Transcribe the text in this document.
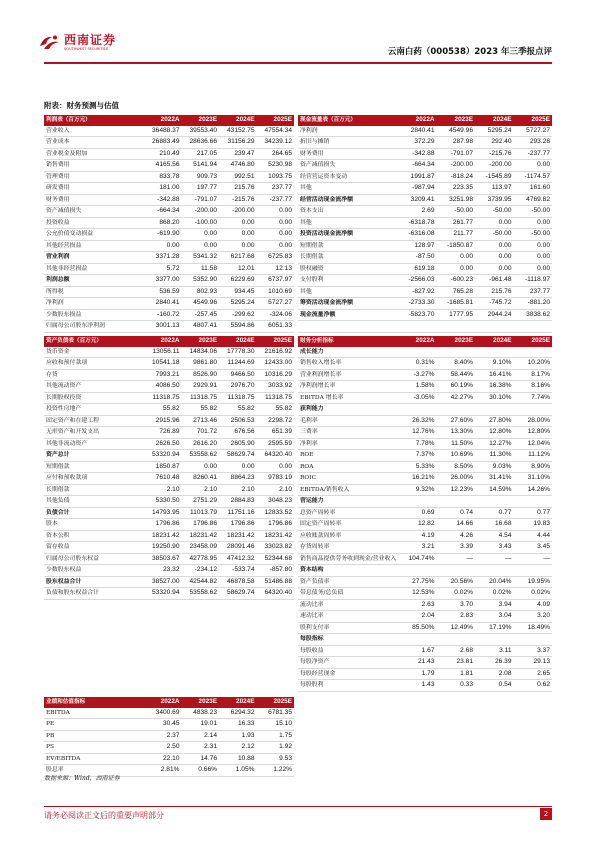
西南证券
SOUTHWEST SECURITIES	云南白药（000538）2023 年三季报点评
附表：财务预测与估值
利润表（百万元）	2022A	2023E	2024E	2025E
营业收入	36488.37	39553.40	43152.75	47554.34
营业成本	26883.49	28636.66	31156.29	34239.12
营业税金及附加	210.49	217.05	239.47	264.65
销售费用	4165.56	5141.94	4746.80	5230.98
管理费用	833.78	909.73	992.51	1093.75
研发费用	181.00	197.77	215.76	237.77
财务费用	-342.88	-791.07	-215.76	-237.77
资产减值损失	-664.34	-200.00	-200.00	0.00
投资收益	868.20	-100.00	0.00	0.00
公允价值变动损益	-619.90	0.00	0.00	0.00
其他经营损益	0.00	0.00	0.00	0.00
营业利润	3371.28	5341.32	6217.68	6725.83
其他非经营损益	5.72	11.58	12.01	12.13
利润总额	3377.00	5352.90	6229.69	6737.97
所得税	536.59	802.93	934.45	1010.69
净利润	2840.41	4549.96	5295.24	5727.27
少数股东损益	-160.72	-257.45	-299.62	-324.06
归属母公司股东净利润	3001.13	4807.41	5594.86	6051.33
现金流量表（百万元）	2022A	2023E	2024E	2025E
净利润	2840.41	4549.96	5295.24	5727.27
折旧与摊销	372.29	287.98	292.40	293.28
财务费用	-342.88	-791.07	-215.76	-237.77
资产减值损失	-664.34	-200.00	-200.00	0.00
经营营运资本变动	1991.87	-818.24	-1545.89	-1174.57
其他	-987.94	223.35	113.97	161.60
经营活动现金流净额	3209.41	3251.98	3739.95	4769.82
资本支出	2.69	-50.00	-50.00	-50.00
其他	-6318.78	261.77	0.00	0.00
投资活动现金流净额	-6316.08	211.77	-50.00	-50.00
短期借款	128.97	-1850.87	0.00	0.00
长期借款	-87.50	0.00	0.00	0.00
股权融资	619.18	0.00	0.00	0.00
支付股利	-2566.03	-600.23	-961.48	-1118.97
其他	-827.92	765.28	215.76	237.77
筹资活动现金流净额	-2733.30	-1685.81	-745.72	-881.20
现金流量净额	-5823.70	1777.95	2944.24	3838.62

资产负债表（百万元）	2022A	2023E	2024E	2025E
货币资金	13056.11	14834.06	17778.30	21616.92
应收和预付款项	10541.18	9861.80	11244.69	12433.00
存货	7993.21	8526.90	9466.50	10316.29
其他流动资产	4086.50	2929.91	2976.70	3033.92
长期股权投资	11318.75	11318.75	11318.75	11318.75
投资性房地产	55.82	55.82	55.82	55.82
固定资产和在建工程	2915.96	2713.46	2506.53	2298.72
无形资产和开发支出	726.89	701.72	676.56	651.39
其他非流动资产	2626.50	2616.20	2605.90	2595.59
资产总计	53320.94	53558.62	58629.74	64320.40
短期借款	1850.87	0.00	0.00	0.00
应付和预收款项	7610.48	8260.41	8864.23	9783.19
长期借款	2.10	2.10	2.10	2.10
其他负债	5330.50	2751.29	2884.83	3048.23
负债合计	14793.95	11013.79	11751.16	12833.52
股本	1796.86	1796.86	1796.86	1796.86
资本公积	18231.42	18231.42	18231.42	18231.42
留存收益	19250.90	23458.09	28091.46	33023.82
归属母公司股东权益	38503.67	42778.95	47412.32	52344.68
少数股东权益	23.32	-234.12	-533.74	-857.80
股东权益合计	38527.00	42544.82	46878.58	51486.88
负债和股东权益合计	53320.94	53558.62	58629.74	64320.40
财务分析指标	2022A	2023E	2024E	2025E
成长能力				
销售收入增长率	0.31%	8.40%	9.10%	10.20%
营业利润增长率	-3.27%	58.44%	16.41%	8.17%
净利润增长率	1.58%	60.19%	16.38%	8.16%
EBITDA 增长率	-3.05%	42.27%	30.10%	7.74%
获利能力				
毛利率	26.32%	27.60%	27.80%	28.00%
三费率	12.76%	13.30%	12.80%	12.80%
净利率	7.78%	11.50%	12.27%	12.04%
ROE	7.37%	10.69%	11.30%	11.12%
ROA	5.33%	8.50%	9.03%	8.90%
ROIC	16.21%	26.00%	31.41%	31.10%
EBITDA/销售收入	9.32%	12.23%	14.59%	14.26%
营运能力				
总资产周转率	0.69	0.74	0.77	0.77
固定资产周转率	12.82	14.66	16.68	19.83
应收账款周转率	4.19	4.26	4.54	4.44
存货周转率	3.21	3.39	3.43	3.45
销售商品提供劳务收到现金/营业收入	104.74%	—	—	—
资本结构				
资产负债率	27.75%	20.56%	20.04%	19.95%
带息债务/总负债	12.53%	0.02%	0.02%	0.02%
流动比率	2.63	3.70	3.94	4.09
速动比率	2.04	2.83	3.04	3.20
股利支付率	85.50%	12.49%	17.19%	18.49%
每股指标				
每股收益	1.67	2.68	3.11	3.37
每股净资产	21.43	23.81	26.39	29.13
每股经营现金	1.79	1.81	2.08	2.65
每股股利	1.43	0.33	0.54	0.62
业绩和估值指标	2022A	2023E	2024E	2025E
EBITDA	3400.69	4838.23	6294.32	6781.35
PE	30.45	19.01	16.33	15.10
PB	2.37	2.14	1.93	1.75
PS	2.50	2.31	2.12	1.92
EV/EBITDA	22.10	14.76	10.88	9.53
股息率	2.81%	0.66%	1.05%	1.22%
数据来源：Wind，西南证券
请务必阅读正文后的重要声明部分	2
